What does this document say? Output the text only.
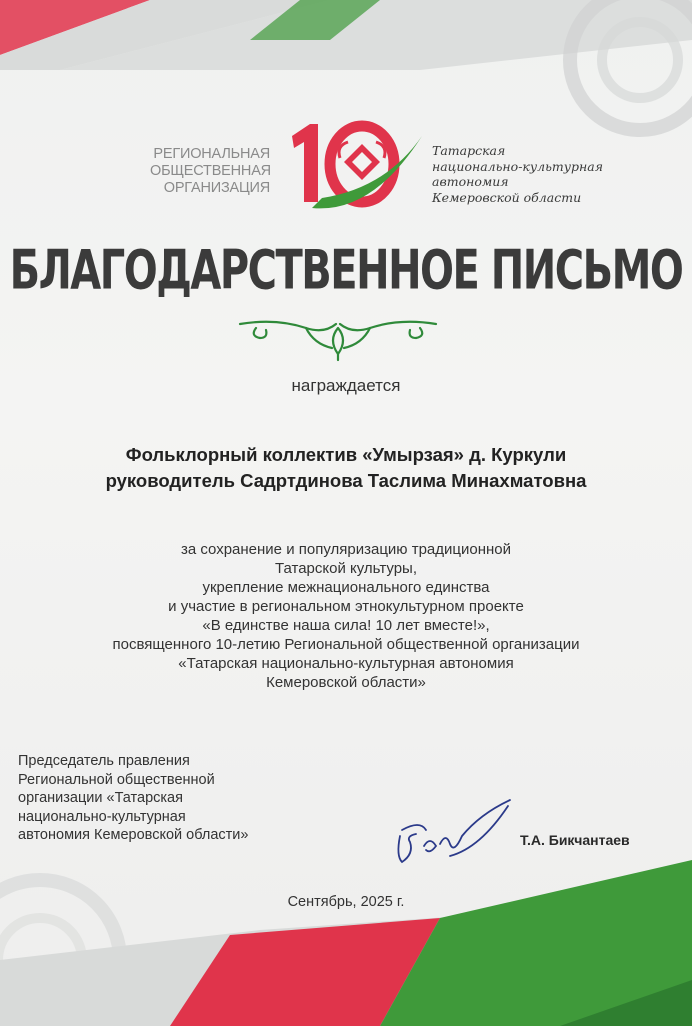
РЕГИОНАЛЬНАЯ
ОБЩЕСТВЕННАЯ
ОРГАНИЗАЦИЯ
Татарская
национально-культурная
автономия
Кемеровской области
БЛАГОДАРСТВЕННОЕ ПИСЬМО
награждается
Фольклорный коллектив «Умырзая» д. Куркули
руководитель Садртдинова Таслима Минахматовна
за сохранение и популяризацию традиционной
Татарской культуры,
укрепление межнационального единства
и участие в региональном этнокультурном проекте
«В единстве наша сила! 10 лет вместе!»,
посвященного 10-летию Региональной общественной организации
«Татарская национально-культурная автономия
Кемеровской области»
Председатель правления
Региональной общественной
организации «Татарская
национально-культурная
автономия Кемеровской области»	Т.А. Бикчантаев
Сентябрь, 2025 г.
